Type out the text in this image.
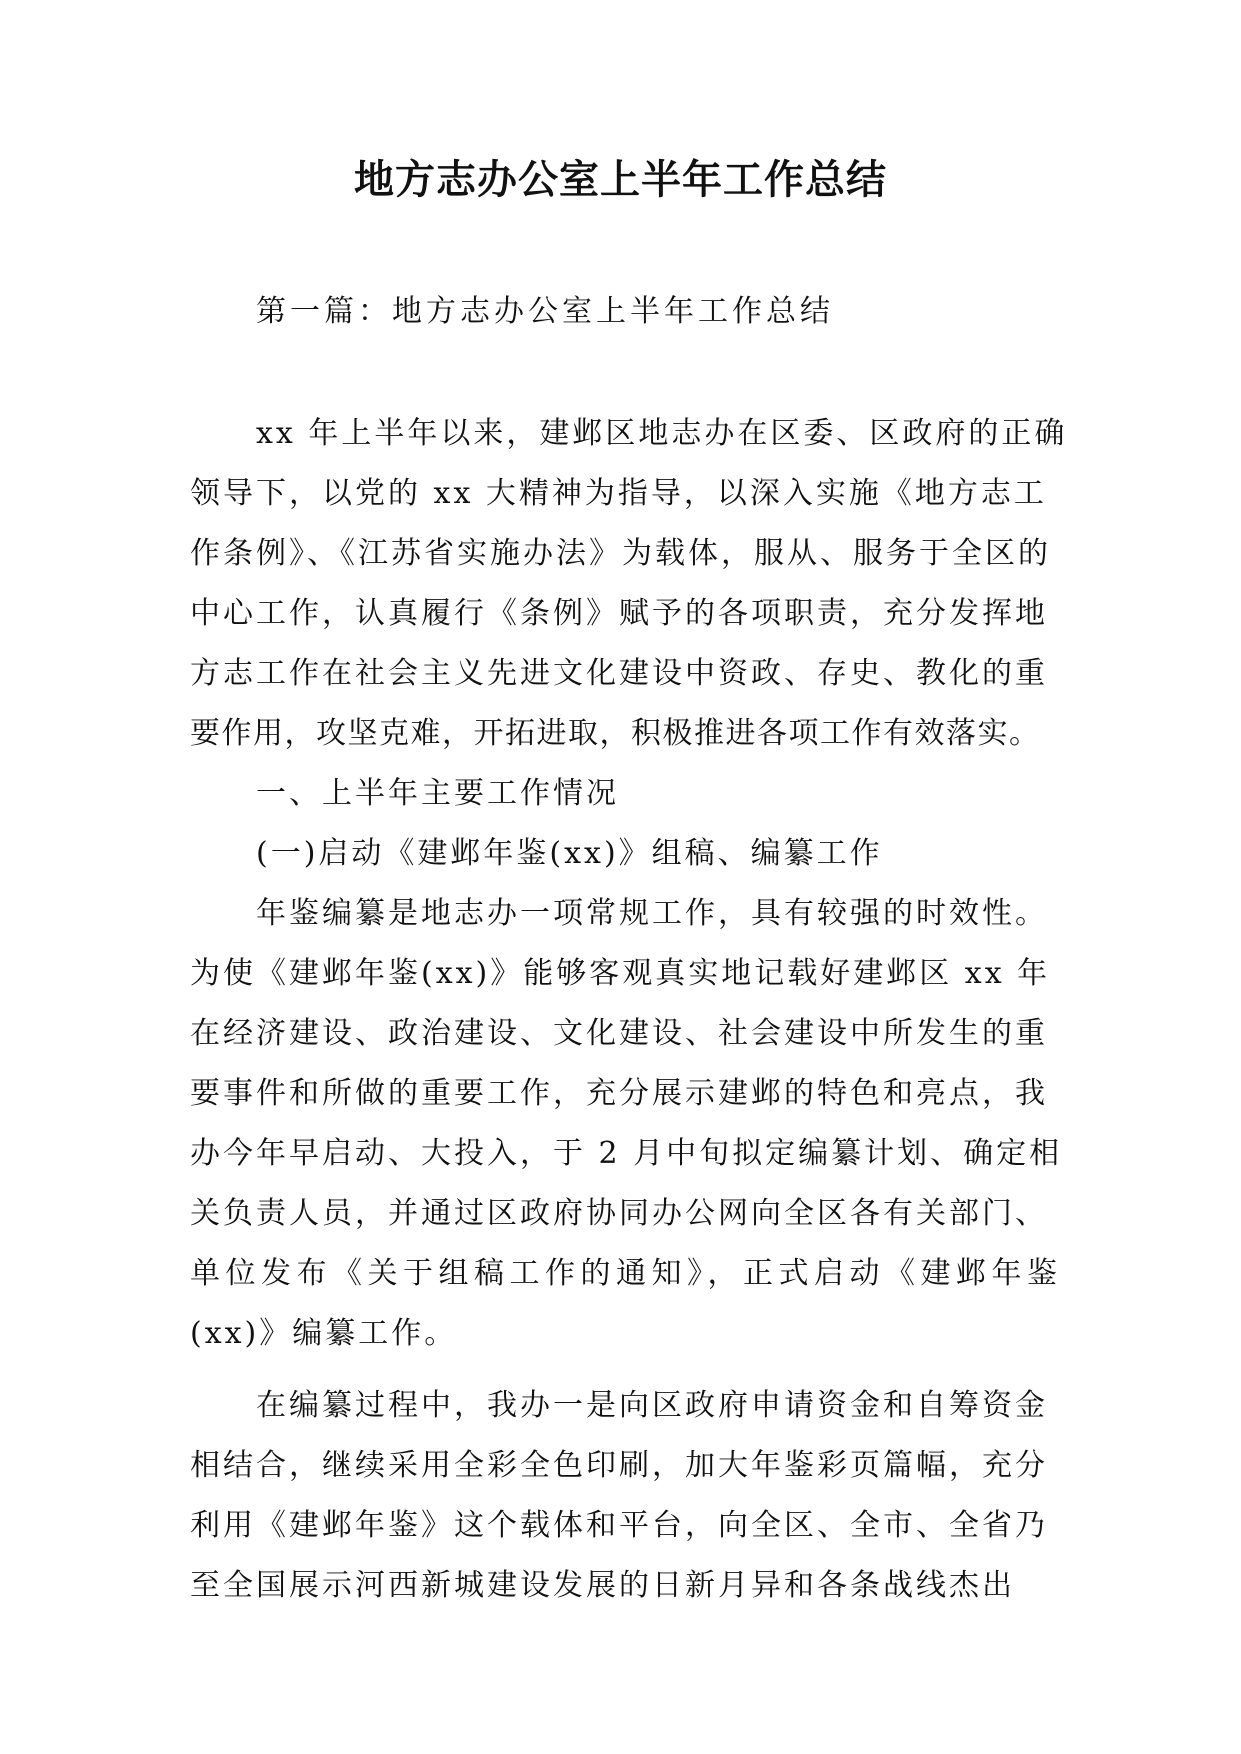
地方志办公室上半年工作总结
第一篇：地方志办公室上半年工作总结
xx 年上半年以来，建邺区地志办在区委、区政府的正确
领导下，以党的 xx 大精神为指导，以深入实施《地方志工
作条例》、《江苏省实施办法》为载体，服从、服务于全区的
中心工作，认真履行《条例》赋予的各项职责，充分发挥地
方志工作在社会主义先进文化建设中资政、存史、教化的重
要作用，攻坚克难，开拓进取，积极推进各项工作有效落实。
一、上半年主要工作情况
(一)启动《建邺年鉴(xx)》组稿、编纂工作
年鉴编纂是地志办一项常规工作，具有较强的时效性。
为使《建邺年鉴(xx)》能够客观真实地记载好建邺区 xx 年
在经济建设、政治建设、文化建设、社会建设中所发生的重
要事件和所做的重要工作，充分展示建邺的特色和亮点，我
办今年早启动、大投入，于 2 月中旬拟定编纂计划、确定相
关负责人员，并通过区政府协同办公网向全区各有关部门、
单位发布《关于组稿工作的通知》，正式启动《建邺年鉴
(xx)》编纂工作。
在编纂过程中，我办一是向区政府申请资金和自筹资金
相结合，继续采用全彩全色印刷，加大年鉴彩页篇幅，充分
利用《建邺年鉴》这个载体和平台，向全区、全市、全省乃
至全国展示河西新城建设发展的日新月异和各条战线杰出
